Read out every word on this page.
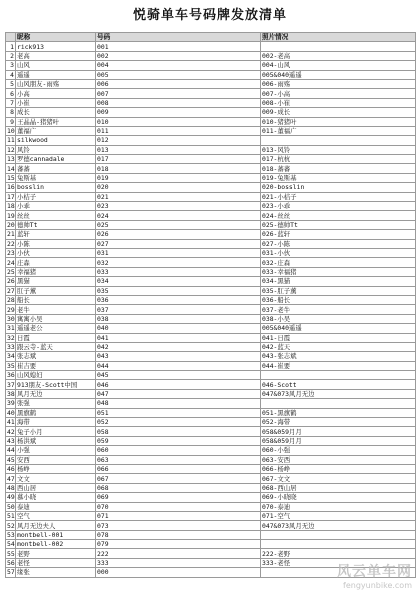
悦骑单车号码牌发放清单
	昵称	号码	照片情况
1	rick913	001	
2	老高	002	002-老高
3	山风	004	004-山风
4	遥遥	005	005&040遥遥
5	山风朋友-雨殇	006	006-雨殇
6	小高	007	007-小高
7	小崔	008	008-小崔
8	成长	009	009-成长
9	王晶晶-猪猪叶	010	010-猪猪叶
10	董福广	011	011-董福广
11	silkwood	012	
12	风铃	013	013-风铃
13	罗德cannadale	017	017-杭杭
14	蕃蕃	018	018-蕃蕃
15	兔斯基	019	019-兔斯基
16	bosslin	020	020-bosslin
17	小桔子	021	021-小桔子
18	小乖	023	023-小乖
19	丝丝	024	024-丝丝
20	德帅Tt	025	025-德帅Tt
21	蓝轩	026	026-蓝轩
22	小陈	027	027-小陈
23	小伙	031	031-小伙
24	庄森	032	032-庄森
25	幸福猪	033	033-幸福猪
26	黑猫	034	034-黑猫
27	肛子薰	035	035-肛子薰
28	船长	036	036-船长
29	老牛	037	037-老牛
30	寓寓小吴	038	038-小吴
31	遥遥老公	040	005&040遥遥
32	日霞	041	041-日霞
33	跟云寺-蓝天	042	042-蓝天
34	张志斌	043	043-张志斌
35	崔吉要	044	044-崔要
36	山风媳妇	045	
37	913朋友-Scott中国	046	046-Scott
38	风月无边	047	047&073风月无边
39	张强	048	
40	黑旗鹤	051	051-黑旗鹤
41	海带	052	052-海带
42	兔子小月	058	058&059月月
43	杨洪斌	059	058&059月月
44	小强	060	060-小强
45	安西	063	063-安西
46	杨峥	066	066-杨峥
47	文文	067	067-文文
48	西山居	068	068-西山居
49	慕小晓	069	069-小晓晓
50	泰迪	070	070-泰迪
51	空气	071	071-空气
52	风月无边夫人	073	047&073风月无边
53	montbell-001	078	
54	montbell-002	079	
55	老野	222	222-老野
56	老怪	333	333-老怪
57	缘张	000		风云单车网
fengyunbike.com
